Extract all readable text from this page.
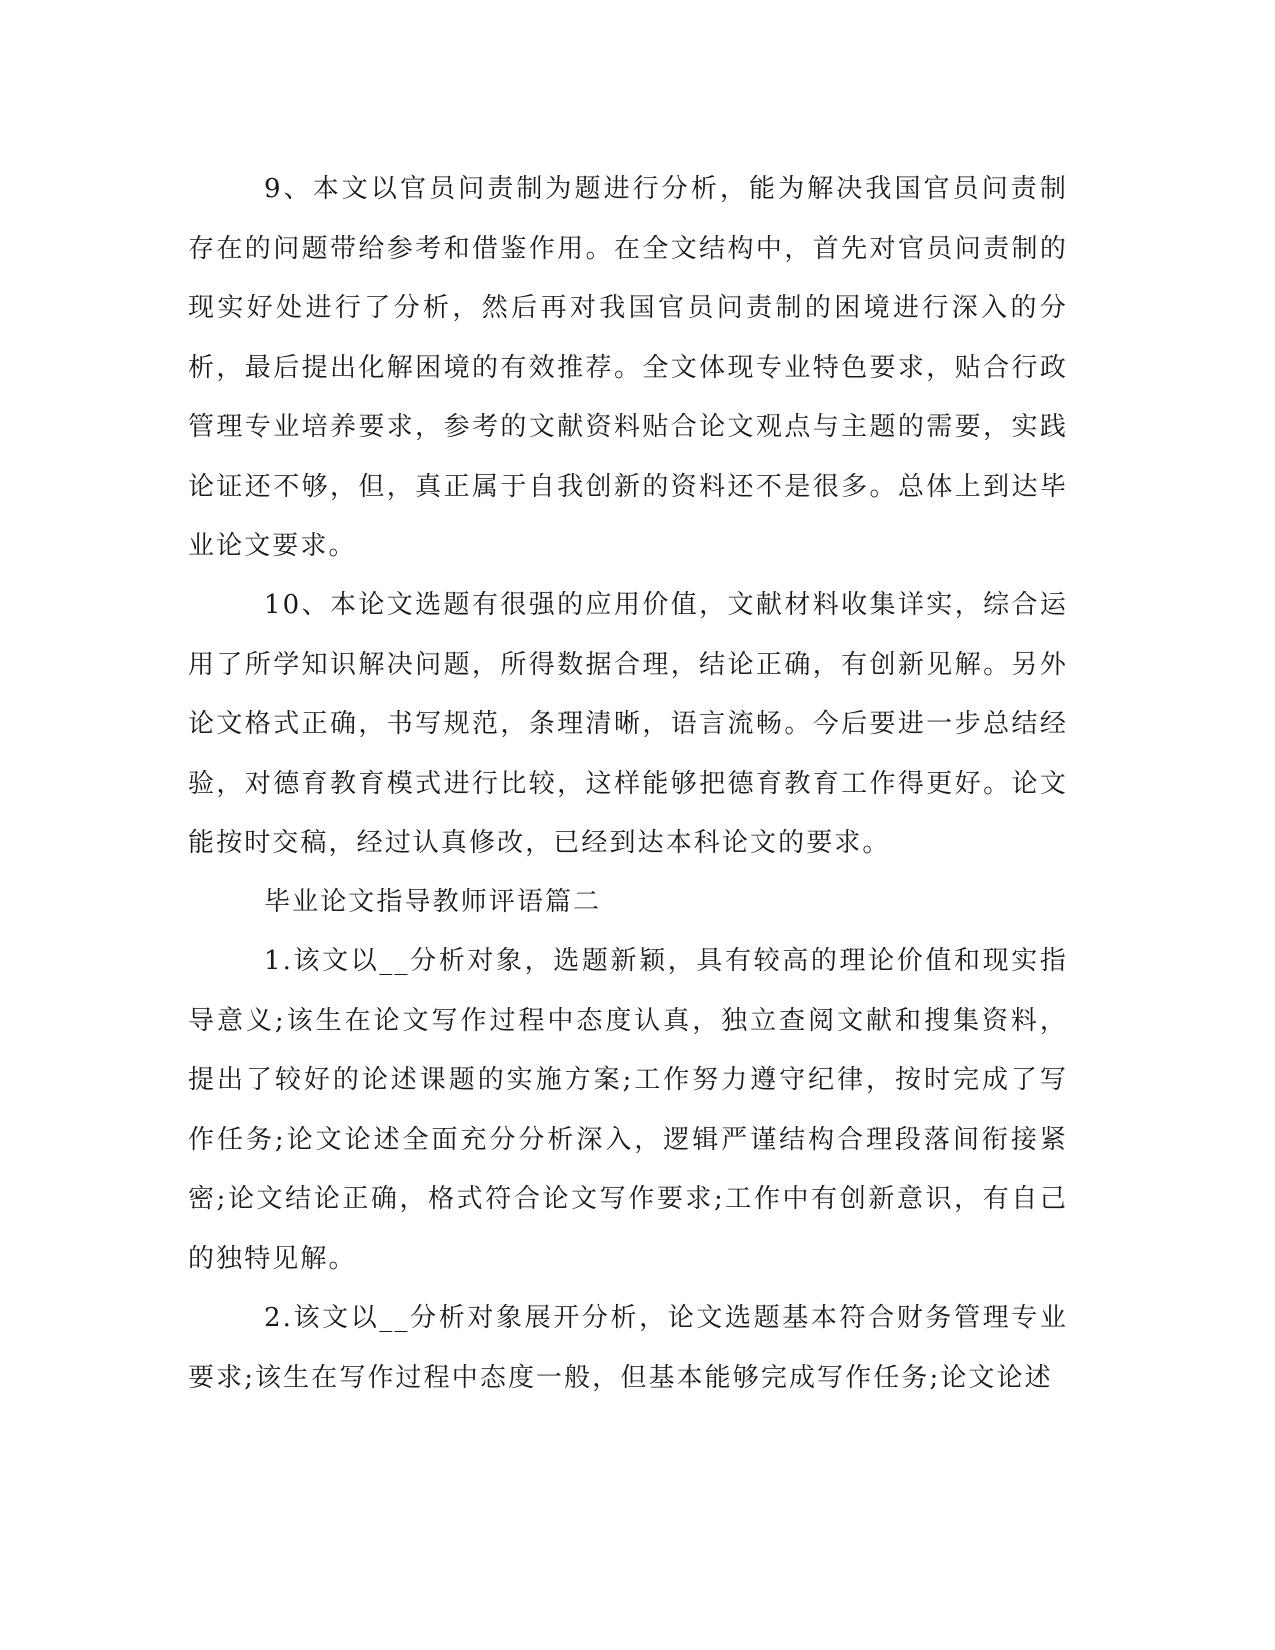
9、本文以官员问责制为题进行分析，能为解决我国官员问责制存在的问题带给参考和借鉴作用。在全文结构中，首先对官员问责制的现实好处进行了分析，然后再对我国官员问责制的困境进行深入的分析，最后提出化解困境的有效推荐。全文体现专业特色要求，贴合行政管理专业培养要求，参考的文献资料贴合论文观点与主题的需要，实践论证还不够，但，真正属于自我创新的资料还不是很多。总体上到达毕业论文要求。

10、本论文选题有很强的应用价值，文献材料收集详实，综合运用了所学知识解决问题，所得数据合理，结论正确，有创新见解。另外论文格式正确，书写规范，条理清晰，语言流畅。今后要进一步总结经验，对德育教育模式进行比较，这样能够把德育教育工作得更好。论文能按时交稿，经过认真修改，已经到达本科论文的要求。

毕业论文指导教师评语篇二

1.该文以__分析对象，选题新颖，具有较高的理论价值和现实指导意义;该生在论文写作过程中态度认真，独立查阅文献和搜集资料，提出了较好的论述课题的实施方案;工作努力遵守纪律，按时完成了写作任务;论文论述全面充分分析深入，逻辑严谨结构合理段落间衔接紧密;论文结论正确，格式符合论文写作要求;工作中有创新意识，有自己的独特见解。

2.该文以__分析对象展开分析，论文选题基本符合财务管理专业要求;该生在写作过程中态度一般，但基本能够完成写作任务;论文论述
